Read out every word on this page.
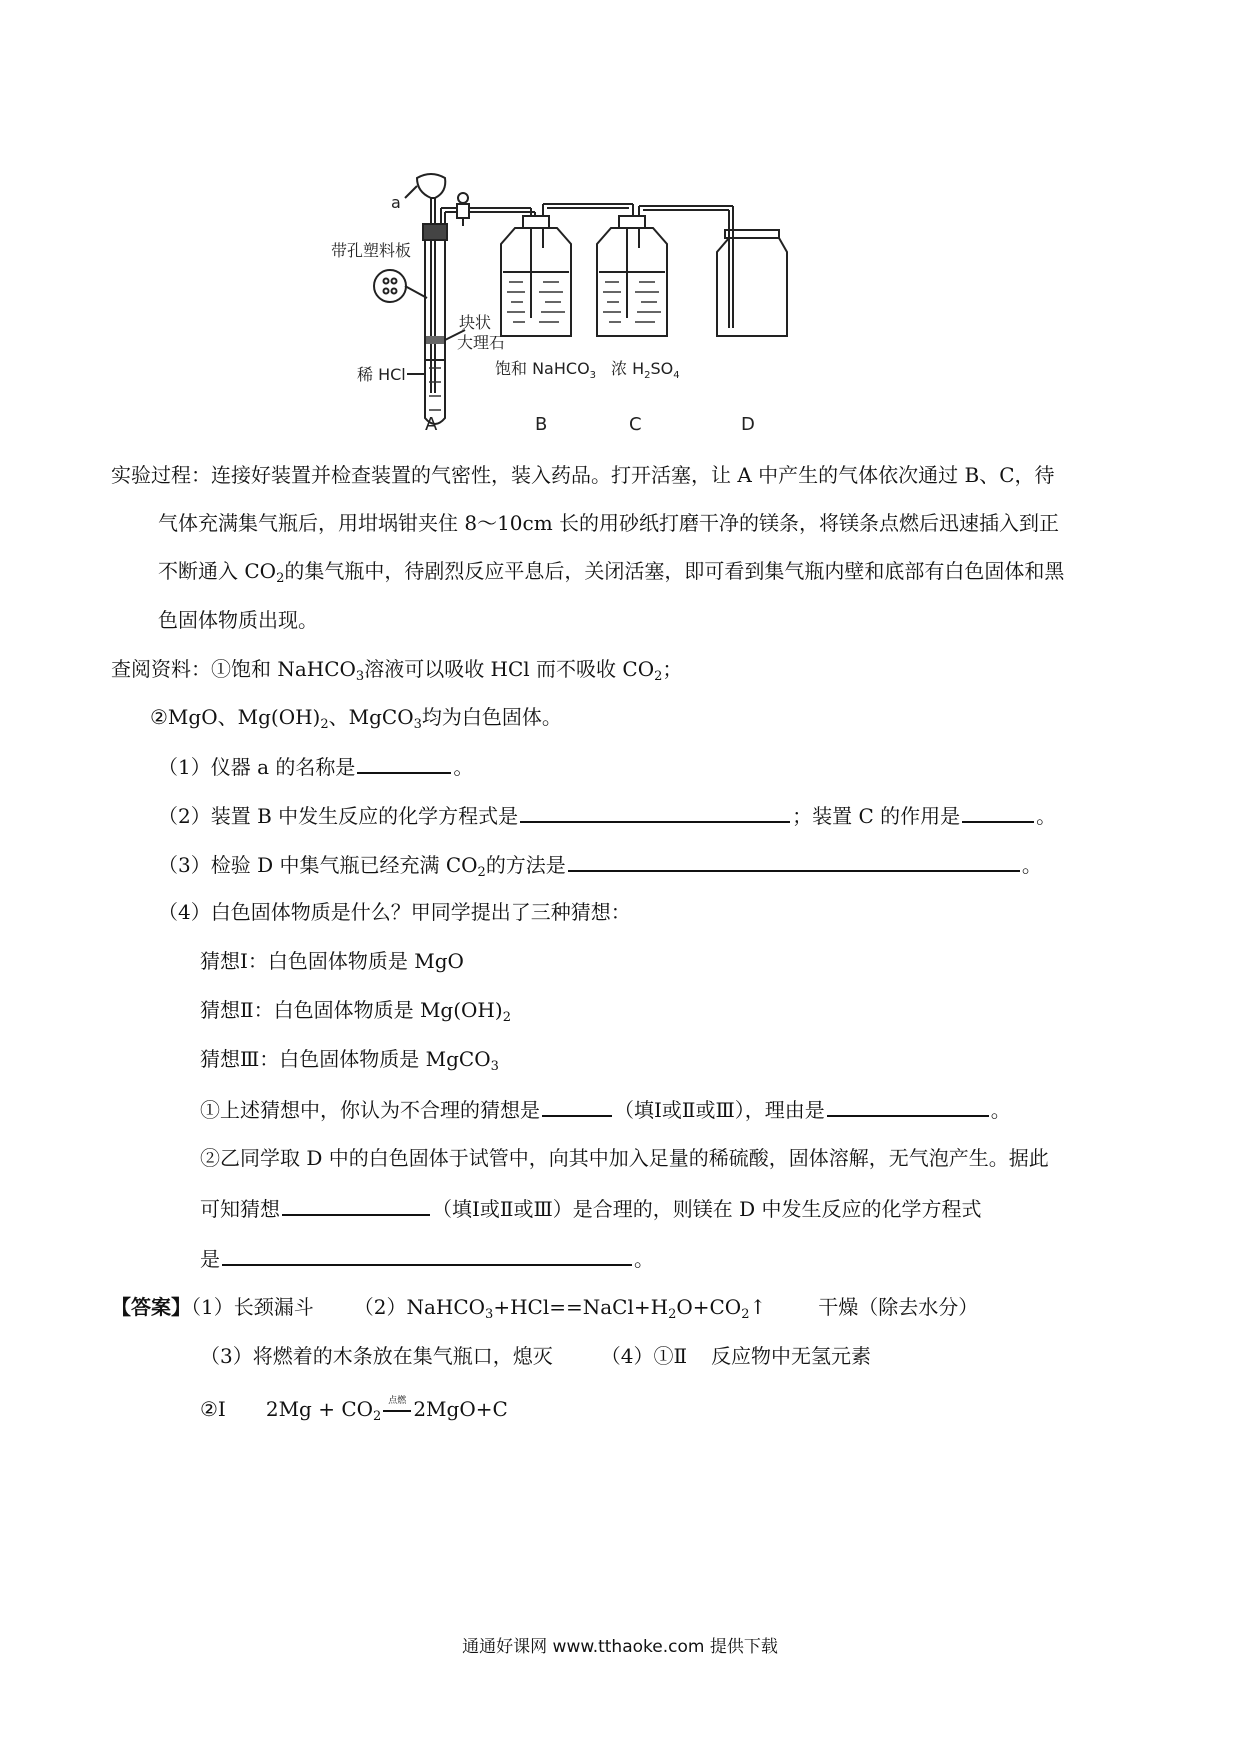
a
带孔塑料板
块状
大理石
稀 HCl	饱和 NaHCO$_3$ 浓 $H_2SO_4$
A	B	C	D
实验过程：连接好装置并检查装置的气密性，装入药品。打开活塞，让 A 中产生的气体依次通过 B、C，待
气体充满集气瓶后，用坩埚钳夹住 8～10cm 长的用砂纸打磨干净的镁条，将镁条点燃后迅速插入到正
不断通入 $CO_2$的集气瓶中，待剧烈反应平息后，关闭活塞，即可看到集气瓶内壁和底部有白色固体和黑
色固体物质出现。
查阅资料：①饱和 NaHCO$_3$溶液可以吸收 HCl 而不吸收 $CO_2$；
②MgO、$Mg(OH)_2$、MgCO$_3$均为白色固体。
（1）仪器 a 的名称是	。
（2）装置 B 中发生反应的化学方程式是	；装置 C 的作用是	。
（3）检验 D 中集气瓶已经充满 $CO_2$的方法是	。
（4）白色固体物质是什么？甲同学提出了三种猜想：
猜想Ⅰ：白色固体物质是 MgO
猜想Ⅱ：白色固体物质是 $Mg(OH)_2$
猜想Ⅲ：白色固体物质是 MgCO$_3$
①上述猜想中，你认为不合理的猜想是	（填Ⅰ或Ⅱ或Ⅲ），理由是	。
②乙同学取 D 中的白色固体于试管中，向其中加入足量的稀硫酸，固体溶解，无气泡产生。据此
可知猜想	（填Ⅰ或Ⅱ或Ⅲ）是合理的，则镁在 D 中发生反应的化学方程式
是	。
【答案】（1）长颈漏斗 $(2)NaHCO_3+HCl==NaCl+H_2O+CO_2↑$	干燥（除去水分）
（3）将燃着的木条放在集气瓶口，熄灭 （4）①Ⅱ 反应物中无氢元素
②Ⅰ $2Mg + CO_2$
点燃 2MgO+C
通通好课网 www.tthaoke.com 提供下载
